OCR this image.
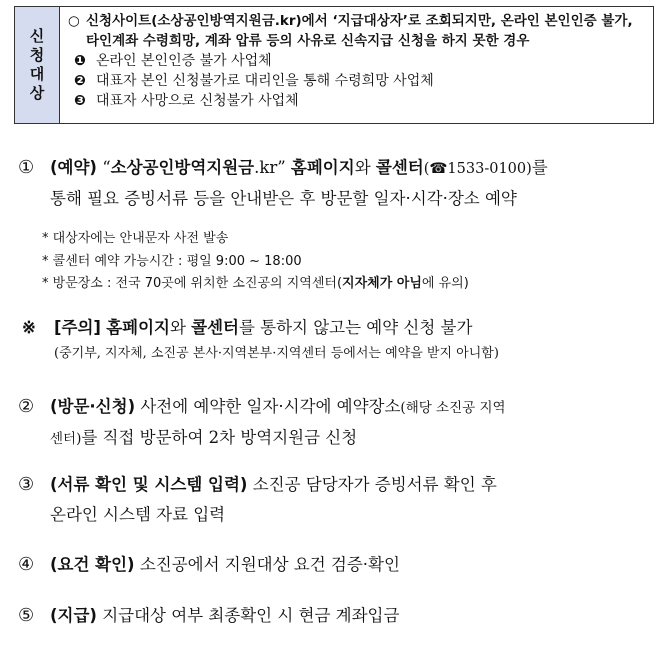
신
청
대
상
○ 신청사이트(소상공인방역지원금.kr)에서 ‘지급대상자’로 조회되지만, 온라인 본인인증 불가, 타인계좌 수령희망, 계좌 압류 등의 사유로 신속지급 신청을 하지 못한 경우
❶ 온라인 본인인증 불가 사업체
❷ 대표자 본인 신청불가로 대리인을 통해 수령희망 사업체
❸ 대표자 사망으로 신청불가 사업체
① (예약) “소상공인방역지원금.kr” 홈페이지와 콜센터(☎1533-0100)를
통해 필요 증빙서류 등을 안내받은 후 방문할 일자·시각·장소 예약
* 대상자에는 안내문자 사전 발송
* 콜센터 예약 가능시간 : 평일 9:00 ~ 18:00
* 방문장소 : 전국 70곳에 위치한 소진공의 지역센터(지자체가 아님에 유의)
※ [주의] 홈페이지와 콜센터를 통하지 않고는 예약 신청 불가
(중기부, 지자체, 소진공 본사·지역본부·지역센터 등에서는 예약을 받지 아니함)
② (방문·신청) 사전에 예약한 일자·시각에 예약장소(해당 소진공 지역
센터)를 직접 방문하여 2차 방역지원금 신청
③ (서류 확인 및 시스템 입력) 소진공 담당자가 증빙서류 확인 후
온라인 시스템 자료 입력
④ (요건 확인) 소진공에서 지원대상 요건 검증·확인
⑤ (지급) 지급대상 여부 최종확인 시 현금 계좌입금
